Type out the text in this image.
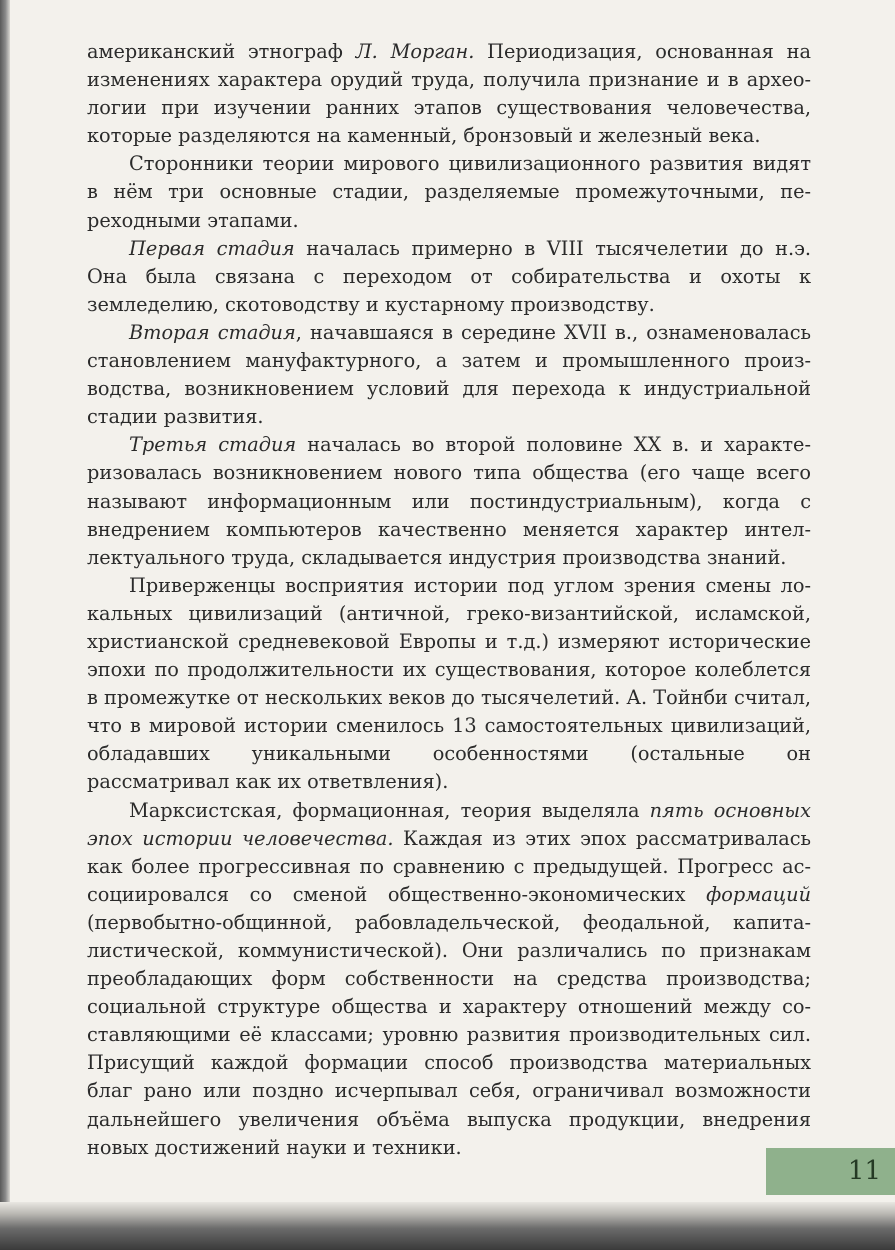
американский этнограф Л. Морган. Периодизация, основанная на изменениях характера орудий труда, получила признание и в археологии при изучении ранних этапов существования человечества, которые разделяются на каменный, бронзовый и железный века.

Сторонники теории мирового цивилизационного развития видят в нём три основные стадии, разделяемые промежуточными, переходными этапами.

Первая стадия началась примерно в VIII тысячелетии до н.э. Она была связана с переходом от собирательства и охоты к земледелию, скотоводству и кустарному производству.

Вторая стадия, начавшаяся в середине XVII в., ознаменовалась становлением мануфактурного, а затем и промышленного производства, возникновением условий для перехода к индустриальной стадии развития.

Третья стадия началась во второй половине XX в. и характеризовалась возникновением нового типа общества (его чаще всего называют информационным или постиндустриальным), когда с внедрением компьютеров качественно меняется характер интеллектуального труда, складывается индустрия производства знаний.

Приверженцы восприятия истории под углом зрения смены локальных цивилизаций (античной, греко-византийской, исламской, христианской средневековой Европы и т.д.) измеряют исторические эпохи по продолжительности их существования, которое колеблется в промежутке от нескольких веков до тысячелетий. А. Тойнби считал, что в мировой истории сменилось 13 самостоятельных цивилизаций, обладавших уникальными особенностями (остальные он рассматривал как их ответвления).

Марксистская, формационная, теория выделяла пять основных эпох истории человечества. Каждая из этих эпох рассматривалась как более прогрессивная по сравнению с предыдущей. Прогресс ассоциировался со сменой общественно-экономических формаций (первобытно-общинной, рабовладельческой, феодальной, капиталистической, коммунистической). Они различались по признакам преобладающих форм собственности на средства производства; социальной структуре общества и характеру отношений между составляющими её классами; уровню развития производительных сил. Присущий каждой формации способ производства материальных благ рано или поздно исчерпывал себя, ограничивал возможности дальнейшего увеличения объёма выпуска продукции, внедрения новых достижений науки и техники.

11
